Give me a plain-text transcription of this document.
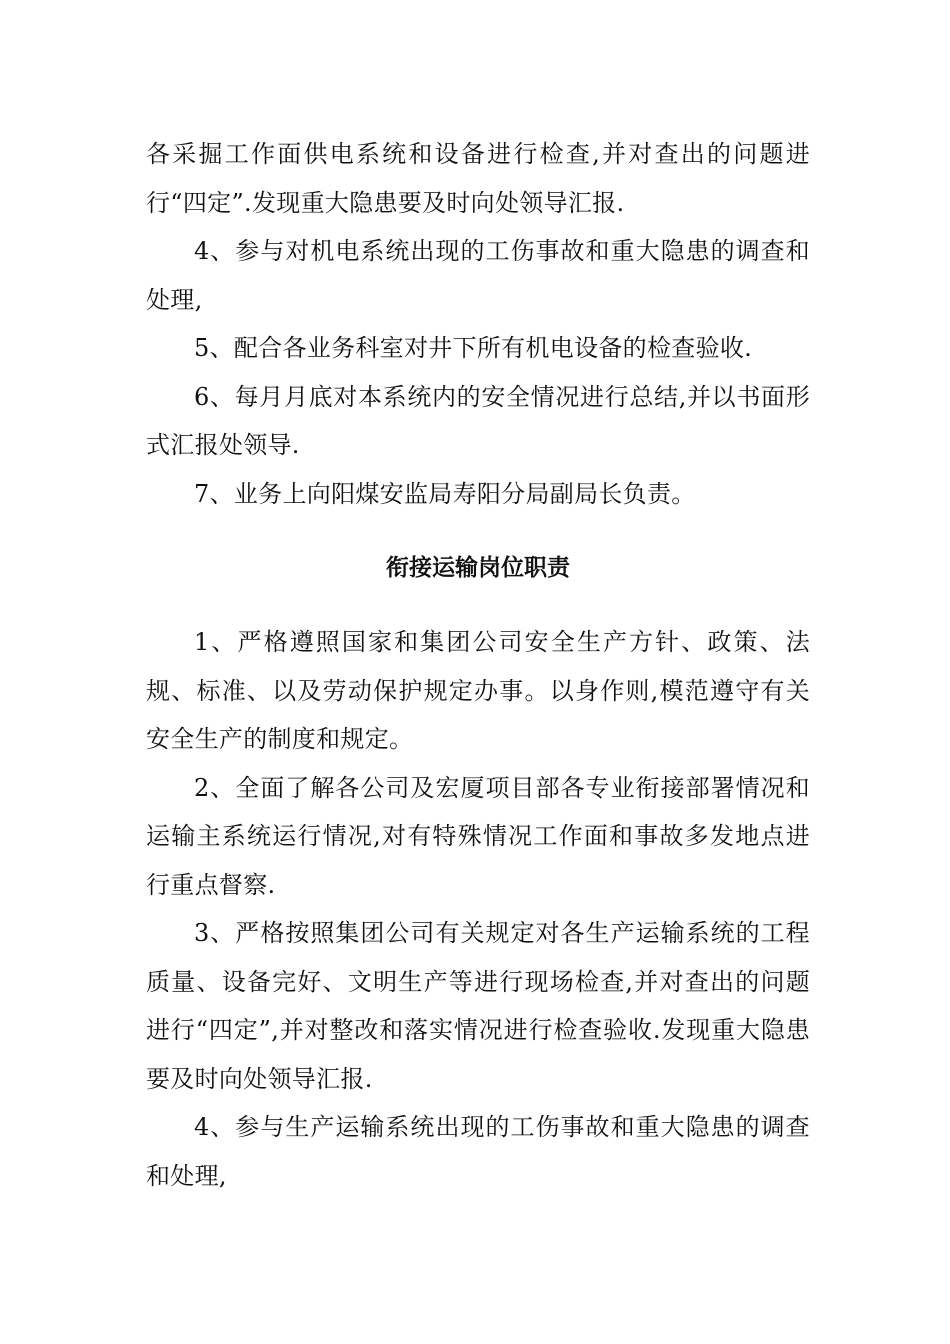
各采掘工作面供电系统和设备进行检查,并对查出的问题进行“四定”.发现重大隐患要及时向处领导汇报.

4、参与对机电系统出现的工伤事故和重大隐患的调查和处理,

5、配合各业务科室对井下所有机电设备的检查验收.

6、每月月底对本系统内的安全情况进行总结,并以书面形式汇报处领导.

7、业务上向阳煤安监局寿阳分局副局长负责。

衔接运输岗位职责

1、严格遵照国家和集团公司安全生产方针、政策、法规、标准、以及劳动保护规定办事。以身作则,模范遵守有关安全生产的制度和规定。

2、全面了解各公司及宏厦项目部各专业衔接部署情况和运输主系统运行情况,对有特殊情况工作面和事故多发地点进行重点督察.

3、严格按照集团公司有关规定对各生产运输系统的工程质量、设备完好、文明生产等进行现场检查,并对查出的问题进行“四定”,并对整改和落实情况进行检查验收.发现重大隐患要及时向处领导汇报.

4、参与生产运输系统出现的工伤事故和重大隐患的调查和处理,
